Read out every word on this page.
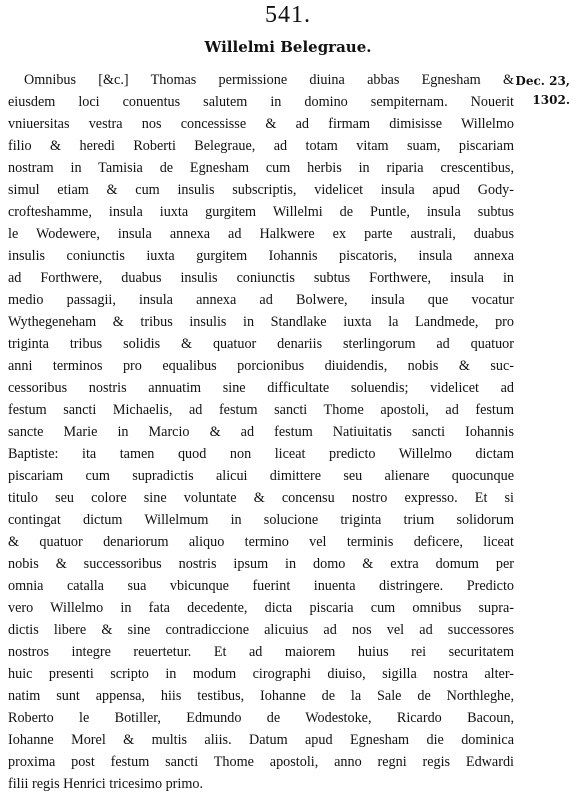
541.
Willelmi Belegraue.
Dec. 23,
1302.
Omnibus [&c.] Thomas permissione diuina abbas Egnesham &
eiusdem loci conuentus salutem in domino sempiternam. Nouerit
vniuersitas vestra nos concessisse & ad firmam dimisisse Willelmo
filio & heredi Roberti Belegraue, ad totam vitam suam, piscariam
nostram in Tamisia de Egnesham cum herbis in riparia crescentibus,
simul etiam & cum insulis subscriptis, videlicet insula apud Gody-
crofteshamme, insula iuxta gurgitem Willelmi de Puntle, insula subtus
le Wodewere, insula annexa ad Halkwere ex parte australi, duabus
insulis coniunctis iuxta gurgitem Iohannis piscatoris, insula annexa
ad Forthwere, duabus insulis coniunctis subtus Forthwere, insula in
medio passagii, insula annexa ad Bolwere, insula que vocatur
Wythegeneham & tribus insulis in Standlake iuxta la Landmede, pro
triginta tribus solidis & quatuor denariis sterlingorum ad quatuor
anni terminos pro equalibus porcionibus diuidendis, nobis & suc-
cessoribus nostris annuatim sine difficultate soluendis; videlicet ad
festum sancti Michaelis, ad festum sancti Thome apostoli, ad festum
sancte Marie in Marcio & ad festum Natiuitatis sancti Iohannis
Baptiste: ita tamen quod non liceat predicto Willelmo dictam
piscariam cum supradictis alicui dimittere seu alienare quocunque
titulo seu colore sine voluntate & concensu nostro expresso. Et si
contingat dictum Willelmum in solucione triginta trium solidorum
& quatuor denariorum aliquo termino vel terminis deficere, liceat
nobis & successoribus nostris ipsum in domo & extra domum per
omnia catalla sua vbicunque fuerint inuenta distringere. Predicto
vero Willelmo in fata decedente, dicta piscaria cum omnibus supra-
dictis libere & sine contradiccione alicuius ad nos vel ad successores
nostros integre reuertetur. Et ad maiorem huius rei securitatem
huic presenti scripto in modum cirographi diuiso, sigilla nostra alter-
natim sunt appensa, hiis testibus, Iohanne de la Sale de Northleghe,
Roberto le Botiller, Edmundo de Wodestoke, Ricardo Bacoun,
Iohanne Morel & multis aliis. Datum apud Egnesham die dominica
proxima post festum sancti Thome apostoli, anno regni regis Edwardi
filii regis Henrici tricesimo primo.
